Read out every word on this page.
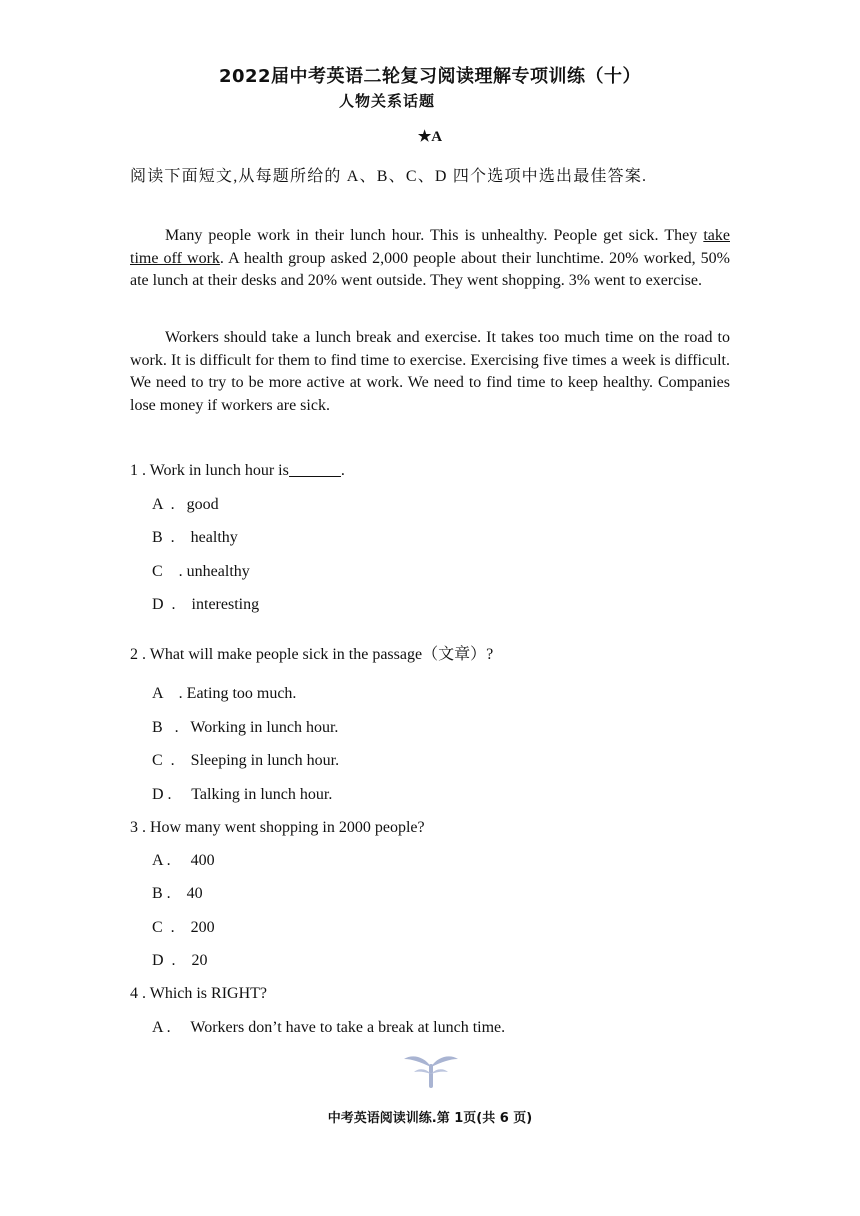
2022届中考英语二轮复习阅读理解专项训练（十）
人物关系话题
★A
阅读下面短文,从每题所给的 A、B、C、D 四个选项中选出最佳答案.

Many people work in their lunch hour. This is unhealthy. People get sick. They take time off work. A health group asked 2,000 people about their lunchtime. 20% worked, 50% ate lunch at their desks and 20% went outside. They went shopping. 3% went to exercise.

Workers should take a lunch break and exercise. It takes too much time on the road to work. It is difficult for them to find time to exercise. Exercising five times a week is difficult. We need to try to be more active at work. We need to find time to keep healthy. Companies lose money if workers are sick.

1 . Work in lunch hour is	.
A  .   good
B  .    healthy
C    . unhealthy
D  .    interesting
2 . What will make people sick in the passage（文章）?
A    . Eating too much.
B   .   Working in lunch hour.
C  .    Sleeping in lunch hour.
D .     Talking in lunch hour.
3 . How many went shopping in 2000 people?
A .     400
B .    40
C  .    200
D  .    20
4 . Which is RIGHT?
A .     Workers don’t have to take a break at lunch time.
中考英语阅读训练.第 1页(共 6 页)
